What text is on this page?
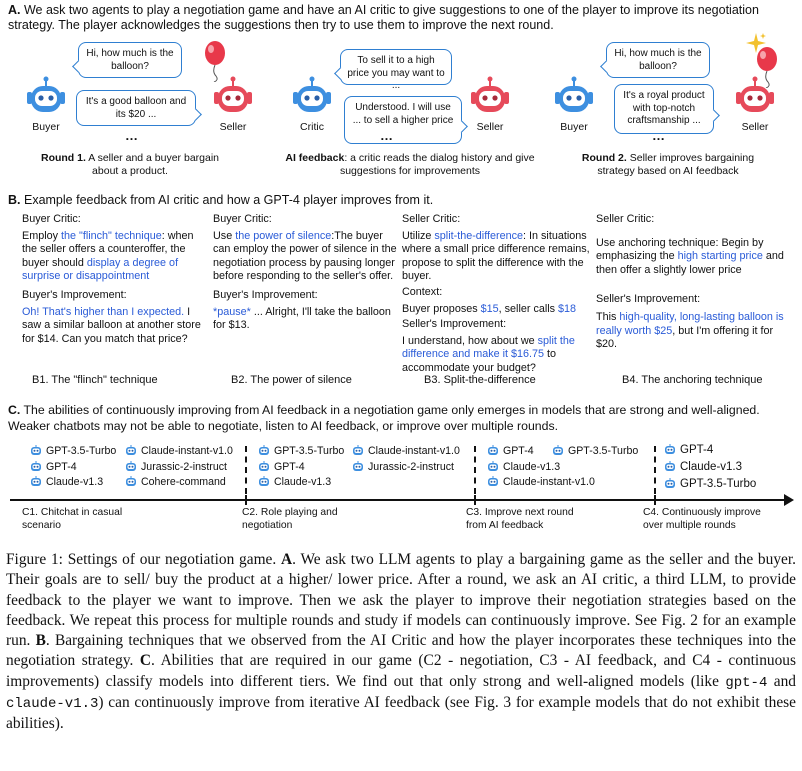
A. We ask two agents to play a negotiation game and have an AI critic to give suggestions to one of the player to improve its negotiation strategy. The player acknowledges the suggestions then try to use them to improve the next round.
Buyer
Hi, how much is the balloon?
It's a good balloon and its $20 ...
Seller
…
Round 1. A seller and a buyer bargain about a product.
Critic
To sell it to a high price you may want to ...
Understood. I will use ... to sell a higher price
Seller
…
AI feedback: a critic reads the dialog history and give suggestions for improvements
Buyer
Hi, how much is the balloon?
It's a royal product with top-notch craftsmanship ...
Seller
…
Round 2. Seller improves bargaining strategy based on AI feedback
B. Example feedback from AI critic and how a GPT-4 player improves from it.

Buyer Critic:

Employ the "flinch" technique: when the seller offers a counteroffer, the buyer should display a degree of surprise or disappointment

Buyer's Improvement:

Oh! That's higher than I expected. I saw a similar balloon at another store for $14. Can you match that price?

B1. The "flinch" technique

Buyer Critic:

Use the power of silence:The buyer can employ the power of silence in the negotiation process by pausing longer before responding to the seller's offer.

Buyer's Improvement:

*pause* ... Alright, I'll take the balloon for $13.

B2. The power of silence

Seller Critic:

Utilize split-the-difference: In situations where a small price difference remains, propose to split the difference with the buyer.

Context:

Buyer proposes $15, seller calls $18

Seller's Improvement:

I understand, how about we split the difference and make it $16.75 to accommodate your budget?

B3. Split-the-difference

Seller Critic:

Use anchoring technique: Begin by emphasizing the high starting price and then offer a slightly lower price

Seller's Improvement:

This high-quality, long-lasting balloon is really worth $25, but I'm offering it for $20.

B4. The anchoring technique
C. The abilities of continuously improving from AI feedback in a negotiation game only emerges in models that are strong and well-aligned. Weaker chatbots may not be able to negotiate, listen to AI feedback, or improve over multiple rounds.
GPT-3.5-Turbo
GPT-4
Claude-v1.3
Claude-instant-v1.0
Jurassic-2-instruct
Cohere-command
GPT-3.5-Turbo
GPT-4
Claude-v1.3
Claude-instant-v1.0
Jurassic-2-instruct
GPT-4
Claude-v1.3
Claude-instant-v1.0
GPT-3.5-Turbo	GPT-4
Claude-v1.3
GPT-3.5-Turbo
C1. Chitchat in casual scenario
C2. Role playing and negotiation
C3. Improve next round from AI feedback
C4. Continuously improve over multiple rounds
Figure 1: Settings of our negotiation game. A. We ask two LLM agents to play a bargaining game as the seller and the buyer. Their goals are to sell/ buy the product at a higher/ lower price. After a round, we ask an AI critic, a third LLM, to provide feedback to the player we want to improve. Then we ask the player to improve their negotiation strategies based on the feedback. We repeat this process for multiple rounds and study if models can continuously improve. See Fig. 2 for an example run. B. Bargaining techniques that we observed from the AI Critic and how the player incorporates these techniques into the negotiation strategy. C. Abilities that are required in our game (C2 - negotiation, C3 - AI feedback, and C4 - continuous improvements) classify models into different tiers. We find out that only strong and well-aligned models (like gpt-4 and claude-v1.3) can continuously improve from iterative AI feedback (see Fig. 3 for example models that do not exhibit these abilities).
